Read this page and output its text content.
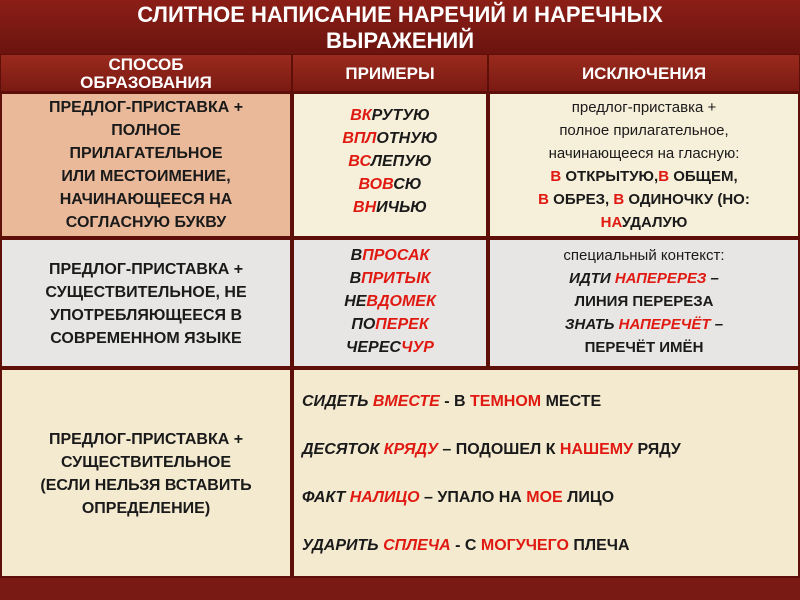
СЛИТНОЕ НАПИСАНИЕ НАРЕЧИЙ И НАРЕЧНЫХ
ВЫРАЖЕНИЙ
СПОСОБ
ОБРАЗОВАНИЯ	ПРИМЕРЫ	ИСКЛЮЧЕНИЯ
ПРЕДЛОГ-ПРИСТАВКА +
ПОЛНОЕ
ПРИЛАГАТЕЛЬНОЕ
ИЛИ МЕСТОИМЕНИЕ,
НАЧИНАЮЩЕЕСЯ НА
СОГЛАСНУЮ БУКВУ
ВКРУТУЮ
ВПЛОТНУЮ
ВСЛЕПУЮ
ВОВСЮ
ВНИЧЬЮ
предлог-приставка +
полное прилагательное,
начинающееся на гласную:
В ОТКРЫТУЮ,В ОБЩЕМ,
В ОБРЕЗ, В ОДИНОЧКУ (НО:
НАУДАЛУЮ
ПРЕДЛОГ-ПРИСТАВКА +
СУЩЕСТВИТЕЛЬНОЕ, НЕ
УПОТРЕБЛЯЮЩЕЕСЯ В
СОВРЕМЕННОМ ЯЗЫКЕ
ВПРОСАК
ВПРИТЫК
НЕВДОМЕК
ПОПЕРЕК
ЧЕРЕСЧУР
специальный контекст:
ИДТИ НАПЕРЕРЕЗ –
ЛИНИЯ ПЕРЕРЕЗА
ЗНАТЬ НАПЕРЕЧЁТ –
ПЕРЕЧЁТ ИМЁН
ПРЕДЛОГ-ПРИСТАВКА +
СУЩЕСТВИТЕЛЬНОЕ
(ЕСЛИ НЕЛЬЗЯ ВСТАВИТЬ
ОПРЕДЕЛЕНИЕ)
СИДЕТЬ ВМЕСТЕ - В ТЕМНОМ МЕСТЕ
ДЕСЯТОК КРЯДУ – ПОДОШЕЛ К НАШЕМУ РЯДУ
ФАКТ НАЛИЦО – УПАЛО НА МОЕ ЛИЦО
УДАРИТЬ СПЛЕЧА - С МОГУЧЕГО ПЛЕЧА
